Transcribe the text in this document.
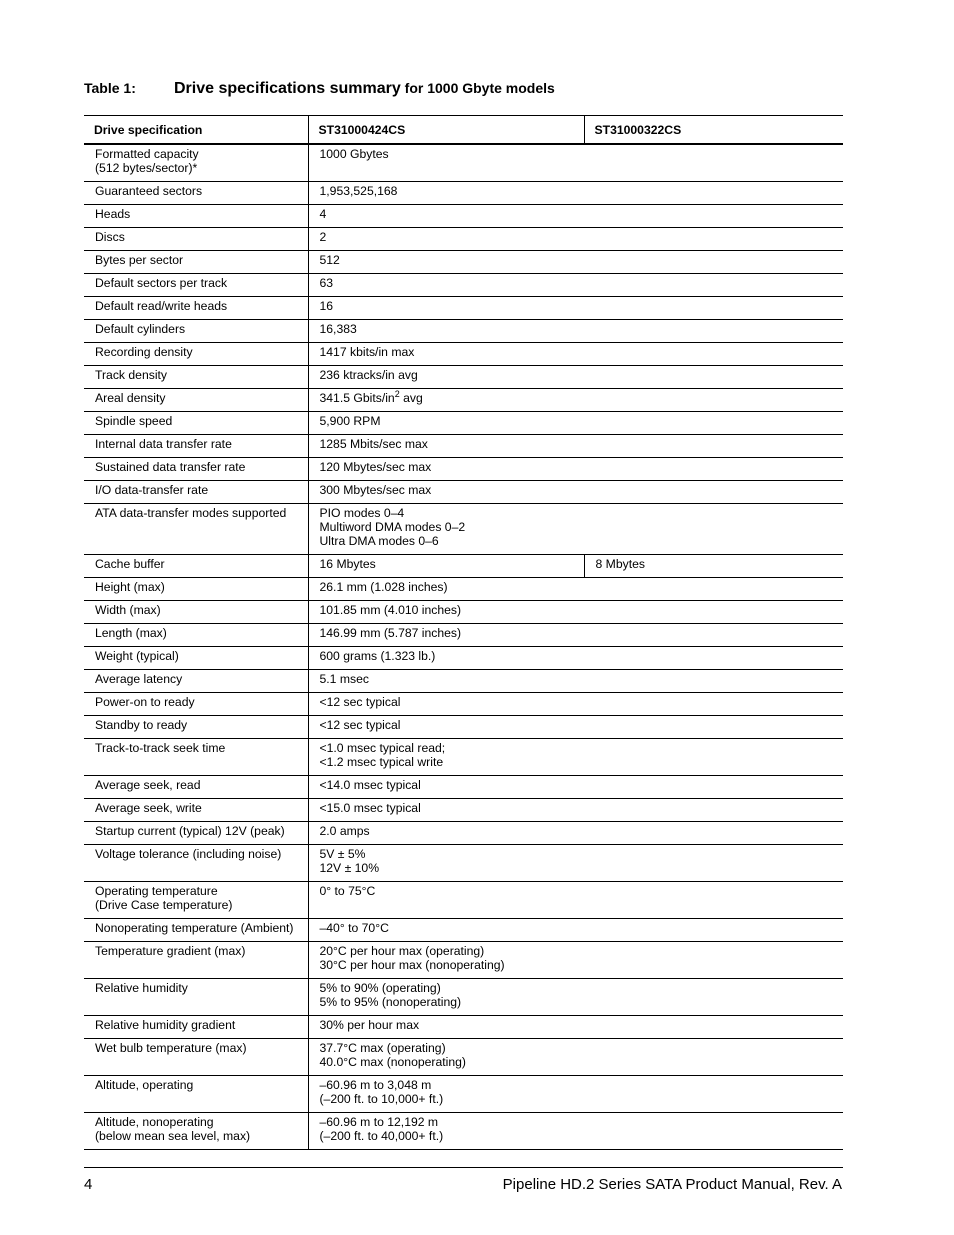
Table 1: Drive specifications summary for 1000 Gbyte models
Drive specification	ST31000424CS	ST31000322CS
Formatted capacity
(512 bytes/sector)*	1000 Gbytes	
Guaranteed sectors	1,953,525,168	
Heads	4	
Discs	2	
Bytes per sector	512	
Default sectors per track	63	
Default read/write heads	16	
Default cylinders	16,383	
Recording density	1417 kbits/in max	
Track density	236 ktracks/in avg	
Areal density	341.5 Gbits/$in^2$ avg	
Spindle speed	5,900 RPM	
Internal data transfer rate	1285 Mbits/sec max	
Sustained data transfer rate	120 Mbytes/sec max	
I/O data-transfer rate	300 Mbytes/sec max	
ATA data-transfer modes supported	PIO modes 0–4
Multiword DMA modes 0–2
Ultra DMA modes 0–6	
Cache buffer	16 Mbytes	8 Mbytes
Height (max)	26.1 mm (1.028 inches)	
Width (max)	101.85 mm (4.010 inches)	
Length (max)	146.99 mm (5.787 inches)	
Weight (typical)	600 grams (1.323 lb.)	
Average latency	5.1 msec	
Power-on to ready	<12 sec typical	
Standby to ready	<12 sec typical	
Track-to-track seek time	<1.0 msec typical read;
<1.2 msec typical write	
Average seek, read	<14.0 msec typical	
Average seek, write	<15.0 msec typical	
Startup current (typical) 12V (peak)	2.0 amps	
Voltage tolerance (including noise)	5V ± 5%
12V ± 10%	
Operating temperature
(Drive Case temperature)	0° to 75°C	
Nonoperating temperature (Ambient)	–40° to 70°C	
Temperature gradient (max)	20°C per hour max (operating)
30°C per hour max (nonoperating)	
Relative humidity	5% to 90% (operating)
5% to 95% (nonoperating)	
Relative humidity gradient	30% per hour max	
Wet bulb temperature (max)	37.7°C max (operating)
40.0°C max (nonoperating)	
Altitude, operating	–60.96 m to 3,048 m
(–200 ft. to 10,000+ ft.)	
Altitude, nonoperating
(below mean sea level, max)	–60.96 m to 12,192 m
(–200 ft. to 40,000+ ft.)	
4	Pipeline HD.2 Series SATA Product Manual, Rev. A
